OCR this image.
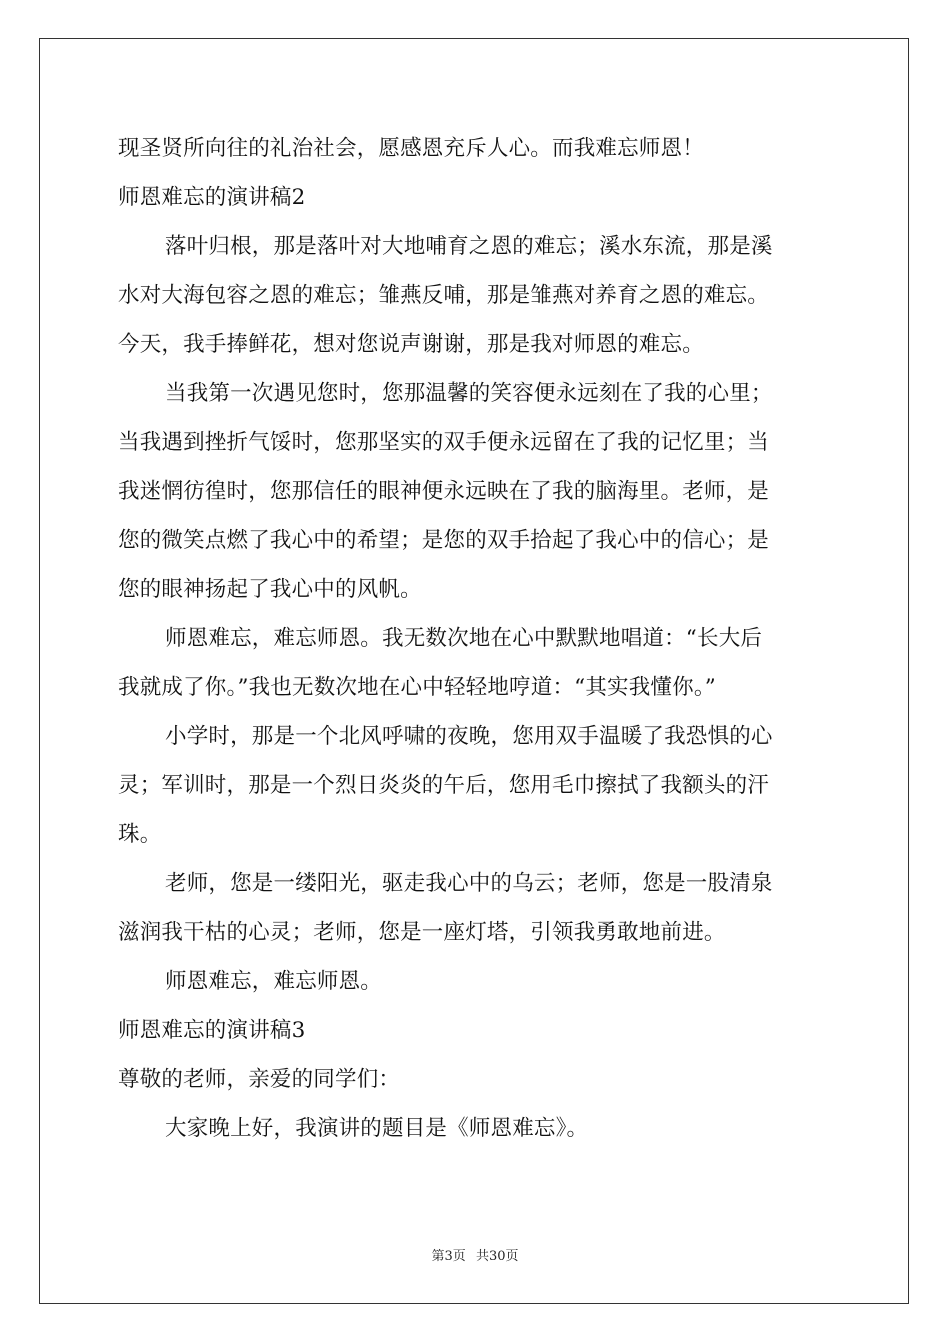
现圣贤所向往的礼治社会，愿感恩充斥人心。而我难忘师恩！
师恩难忘的演讲稿2
落叶归根，那是落叶对大地哺育之恩的难忘；溪水东流，那是溪
水对大海包容之恩的难忘；雏燕反哺，那是雏燕对养育之恩的难忘。
今天，我手捧鲜花，想对您说声谢谢，那是我对师恩的难忘。
当我第一次遇见您时，您那温馨的笑容便永远刻在了我的心里；
当我遇到挫折气馁时，您那坚实的双手便永远留在了我的记忆里；当
我迷惘彷徨时，您那信任的眼神便永远映在了我的脑海里。老师，是
您的微笑点燃了我心中的希望；是您的双手拾起了我心中的信心；是
您的眼神扬起了我心中的风帆。
师恩难忘，难忘师恩。我无数次地在心中默默地唱道：“长大后
我就成了你。”我也无数次地在心中轻轻地哼道：“其实我懂你。”
小学时，那是一个北风呼啸的夜晚，您用双手温暖了我恐惧的心
灵；军训时，那是一个烈日炎炎的午后，您用毛巾擦拭了我额头的汗
珠。
老师，您是一缕阳光，驱走我心中的乌云；老师，您是一股清泉
滋润我干枯的心灵；老师，您是一座灯塔，引领我勇敢地前进。
师恩难忘，难忘师恩。
师恩难忘的演讲稿3
尊敬的老师，亲爱的同学们：
大家晚上好，我演讲的题目是《师恩难忘》。
第3页 共30页
